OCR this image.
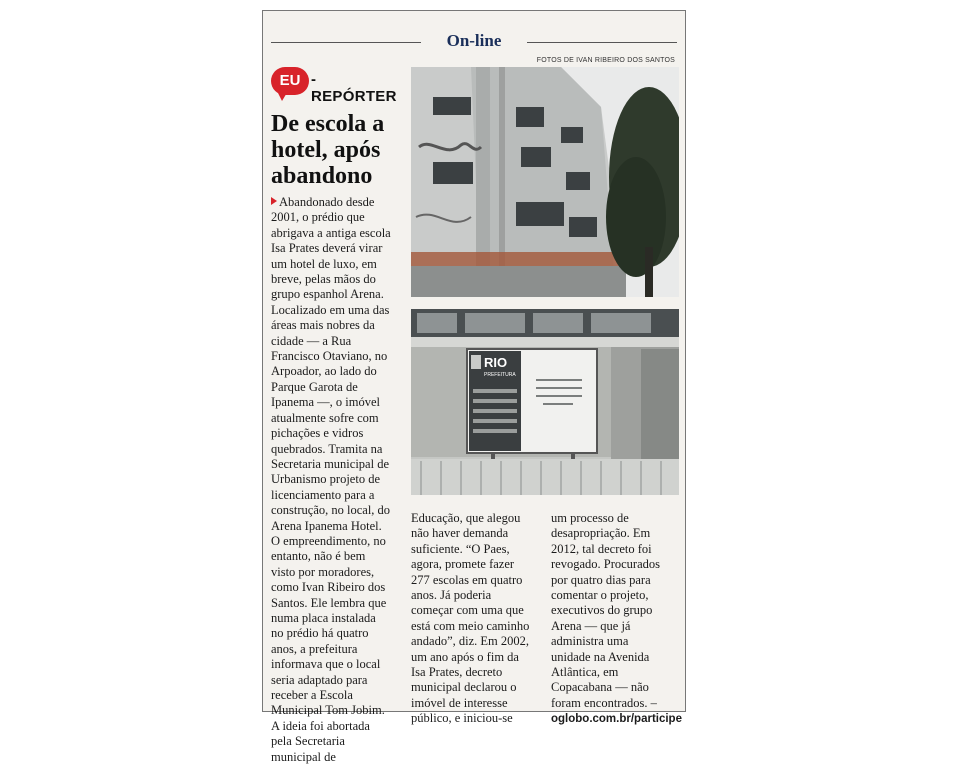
On-line
FOTOS DE IVAN RIBEIRO DOS SANTOS
EU -REPÓRTER
De escola a
hotel, após
abandono
RIO
PREFEITURA
Abandonado desde
2001, o prédio que
abrigava a antiga escola
Isa Prates deverá virar
um hotel de luxo, em
breve, pelas mãos do
grupo espanhol Arena.
Localizado em uma das
áreas mais nobres da
cidade — a Rua
Francisco Otaviano, no
Arpoador, ao lado do
Parque Garota de
Ipanema —, o imóvel
atualmente sofre com
pichações e vidros
quebrados. Tramita na
Secretaria municipal de
Urbanismo projeto de
licenciamento para a
construção, no local, do
Arena Ipanema Hotel.
O empreendimento, no
entanto, não é bem
visto por moradores,
como Ivan Ribeiro dos
Santos. Ele lembra que
numa placa instalada
no prédio há quatro
anos, a prefeitura
informava que o local
seria adaptado para
receber a Escola
Municipal Tom Jobim.
A ideia foi abortada
pela Secretaria
municipal de
Educação, que alegou
não haver demanda
suficiente. “O Paes,
agora, promete fazer
277 escolas em quatro
anos. Já poderia
começar com uma que
está com meio caminho
andado”, diz. Em 2002,
um ano após o fim da
Isa Prates, decreto
municipal declarou o
imóvel de interesse
público, e iniciou-se
um processo de
desapropriação. Em
2012, tal decreto foi
revogado. Procurados
por quatro dias para
comentar o projeto,
executivos do grupo
Arena — que já
administra uma
unidade na Avenida
Atlântica, em
Copacabana — não
foram encontrados. –
oglobo.com.br/participe
